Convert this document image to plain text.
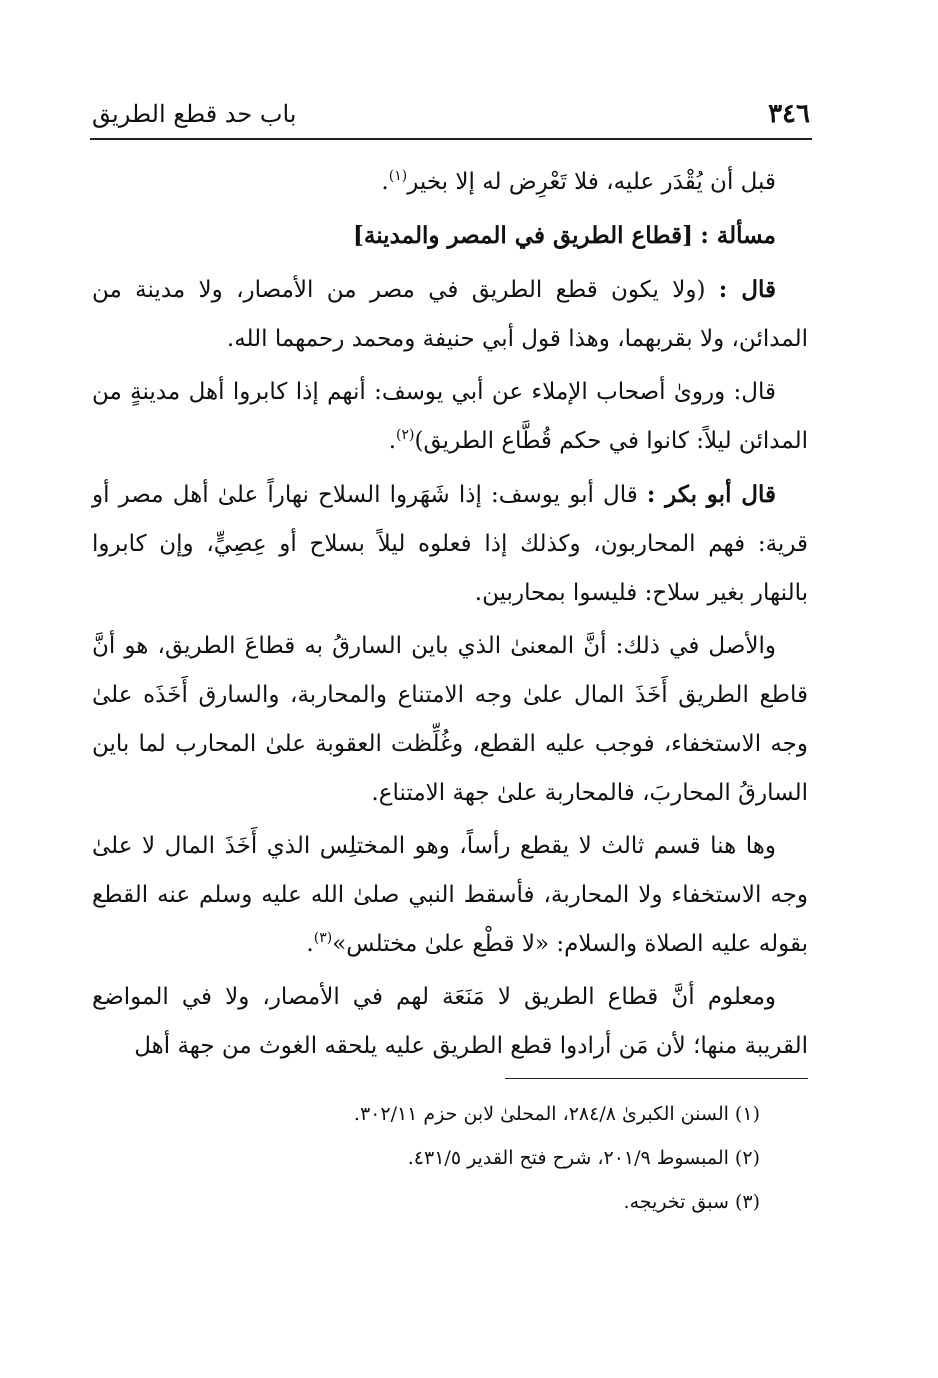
٣٤٦
باب حد قطع الطريق

قبل أن يُقْدَر عليه، فلا تَعْرِض له إلا بخير$^{(١)}$.

مسألة : [قطاع الطريق في المصر والمدينة]

قال : (ولا يكون قطع الطريق في مصر من الأمصار، ولا مدينة من المدائن، ولا بقربهما، وهذا قول أبي حنيفة ومحمد رحمهما الله.

قال: وروىٰ أصحاب الإملاء عن أبي يوسف: أنهم إذا كابروا أهل مدينةٍ من المدائن ليلاً: كانوا في حكم قُطَّاع الطريق)$^{(٢)}$.

قال أبو بكر : قال أبو يوسف: إذا شَهَروا السلاح نهاراً علىٰ أهل مصر أو قرية: فهم المحاربون، وكذلك إذا فعلوه ليلاً بسلاح أو عِصِيٍّ، وإن كابروا بالنهار بغير سلاح: فليسوا بمحاربين.

والأصل في ذلك: أنَّ المعنىٰ الذي باين السارقُ به قطاعَ الطريق، هو أنَّ قاطع الطريق أَخَذَ المال علىٰ وجه الامتناع والمحاربة، والسارق أَخَذَه علىٰ وجه الاستخفاء، فوجب عليه القطع، وغُلِّظت العقوبة علىٰ المحارب لما باين السارقُ المحاربَ، فالمحاربة علىٰ جهة الامتناع.

وها هنا قسم ثالث لا يقطع رأساً، وهو المختلِس الذي أَخَذَ المال لا علىٰ وجه الاستخفاء ولا المحاربة، فأسقط النبي صلىٰ الله عليه وسلم عنه القطع بقوله عليه الصلاة والسلام: «لا قطْع علىٰ مختلس»$^{(٣)}$.

ومعلوم أنَّ قطاع الطريق لا مَنَعَة لهم في الأمصار، ولا في المواضع القريبة منها؛ لأن مَن أرادوا قطع الطريق عليه يلحقه الغوث من جهة أهل

(١) السنن الكبرىٰ ٢٨٤/٨، المحلىٰ لابن حزم ٣٠٢/١١.
(٢) المبسوط ٢٠١/٩، شرح فتح القدير ٤٣١/٥.
(٣) سبق تخريجه.
